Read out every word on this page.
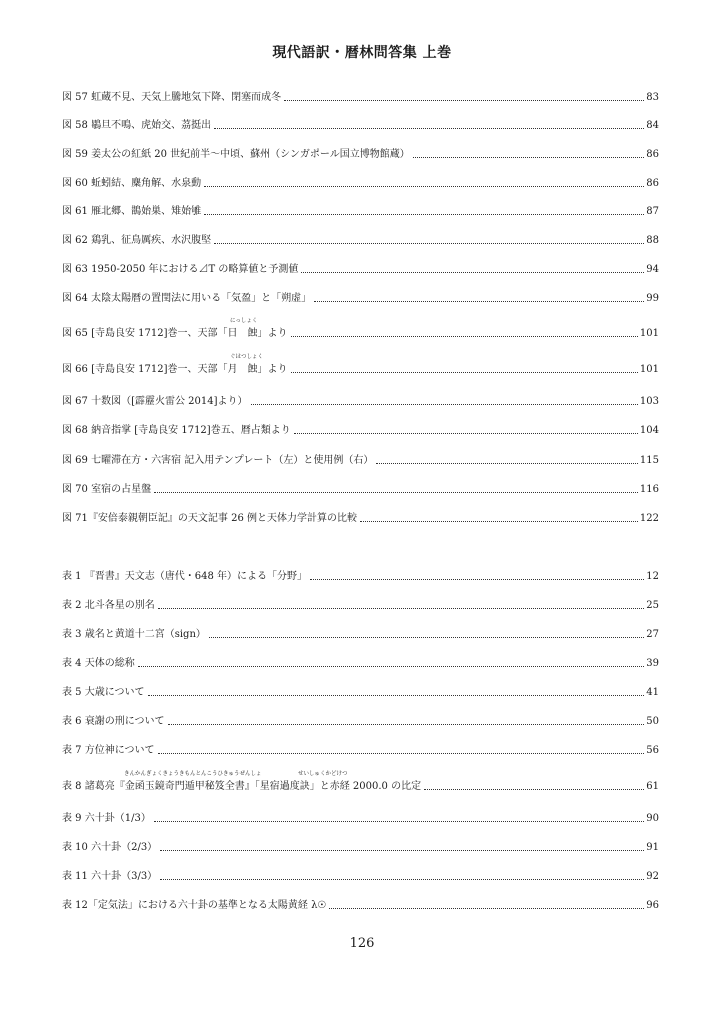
現代語訳・暦林問答集 上巻
図 57 虹蔵不見、天気上騰地気下降、閉塞而成冬	83
図 58 鶡旦不鳴、虎始交、茘挺出	84
図 59 姜太公の紅紙 20 世紀前半～中頃、蘇州（シンガポール国立博物館蔵）	86
図 60 蚯蚓結、麋角解、水泉動	86
図 61 雁北郷、鵲始巣、雉始雊	87
図 62 鶏乳、征鳥厲疾、水沢腹堅	88
図 63 1950-2050 年における⊿T の略算値と予測値	94
図 64 太陰太陽暦の置閏法に用いる「気盈」と「朔虚」	99
にっしょく
図 65 [寺島良安 1712]巻一、天部「日　蝕」より	101
ぐはつしょく
図 66 [寺島良安 1712]巻一、天部「月　蝕」より	101
図 67 十数図（[霹靂火雷公 2014]より）	103
図 68 納音指掌 [寺島良安 1712]巻五、暦占類より	104
図 69 七曜滞在方・六害宿 記入用テンプレート（左）と使用例（右）	115
図 70 室宿の占星盤	116
図 71『安倍泰親朝臣記』の天文記事 26 例と天体力学計算の比較	122
表 1 『晋書』天文志（唐代・648 年）による「分野」	12
表 2 北斗各星の別名	25
表 3 歳名と黄道十二宮（sign）	27
表 4 天体の総称	39
表 5 大歳について	41
表 6 衰謝の刑について	50
表 7 方位神について	56
きんかんぎょくきょうきもんとんこうひきゅうぜんしょ	せいしゅくかどけつ
表 8 諸葛亮『金函玉鏡奇門遁甲秘笈全書』「星宿過度訣」と赤経 2000.0 の比定	61
表 9 六十卦（1/3）	90
表 10 六十卦（2/3）	91
表 11 六十卦（3/3）	92
表 12「定気法」における六十卦の基準となる太陽黄経 λ☉	96
126
